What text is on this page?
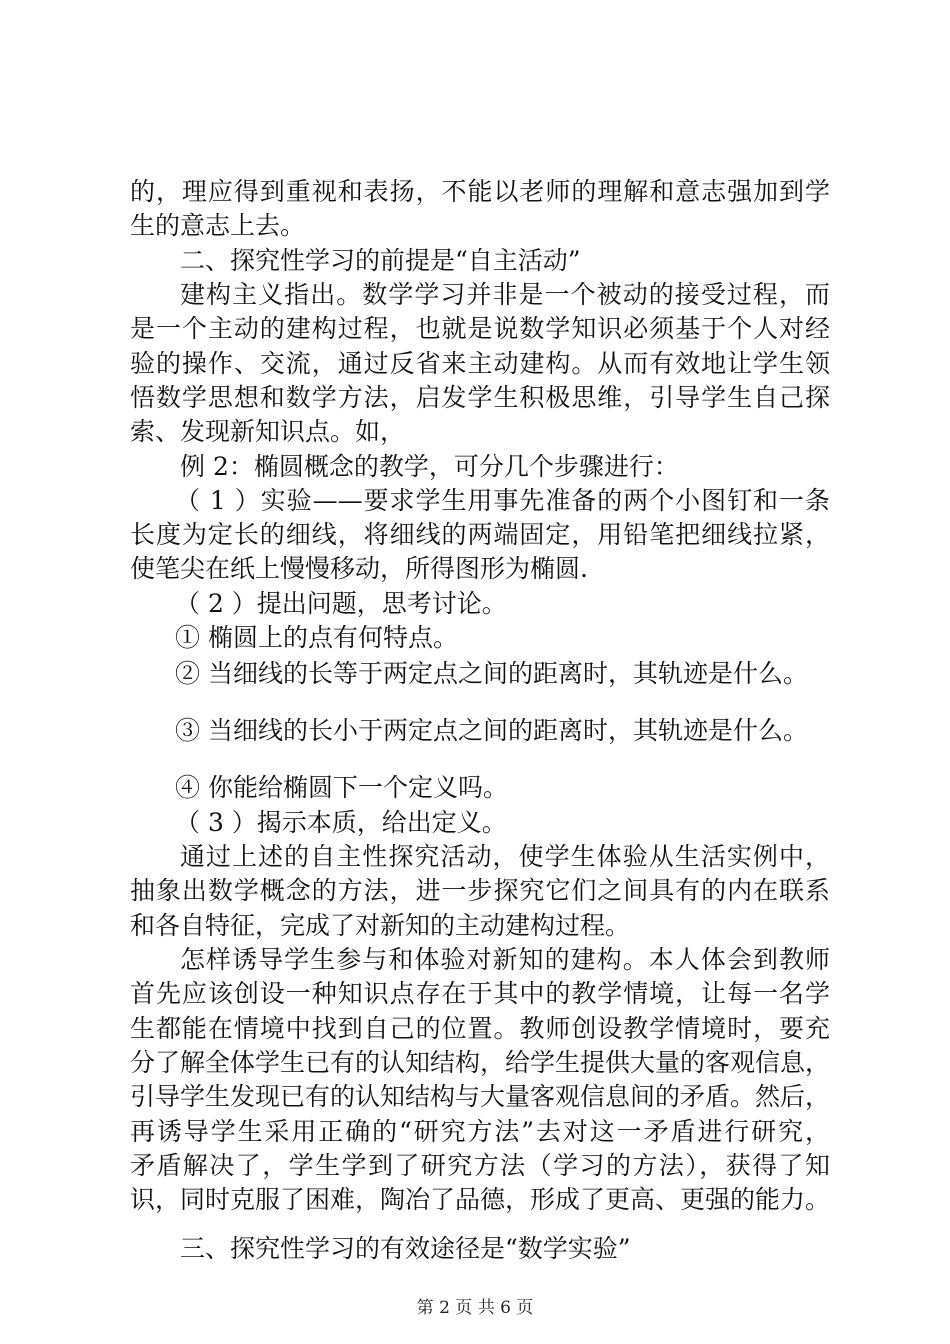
的，理应得到重视和表扬，不能以老师的理解和意志强加到学
生的意志上去。
二、探究性学习的前提是“自主活动”
建构主义指出。数学学习并非是一个被动的接受过程，而
是一个主动的建构过程，也就是说数学知识必须基于个人对经
验的操作、交流，通过反省来主动建构。从而有效地让学生领
悟数学思想和数学方法，启发学生积极思维，引导学生自己探
索、发现新知识点。如，
例 2：椭圆概念的教学，可分几个步骤进行：
（ 1 ）实验——要求学生用事先准备的两个小图钉和一条
长度为定长的细线，将细线的两端固定，用铅笔把细线拉紧，
使笔尖在纸上慢慢移动，所得图形为椭圆.
（ 2 ）提出问题，思考讨论。
① 椭圆上的点有何特点。
② 当细线的长等于两定点之间的距离时，其轨迹是什么。
③ 当细线的长小于两定点之间的距离时，其轨迹是什么。
④ 你能给椭圆下一个定义吗。
（ 3 ）揭示本质，给出定义。
通过上述的自主性探究活动，使学生体验从生活实例中，
抽象出数学概念的方法，进一步探究它们之间具有的内在联系
和各自特征，完成了对新知的主动建构过程。
怎样诱导学生参与和体验对新知的建构。本人体会到教师
首先应该创设一种知识点存在于其中的教学情境，让每一名学
生都能在情境中找到自己的位置。教师创设教学情境时，要充
分了解全体学生已有的认知结构，给学生提供大量的客观信息，
引导学生发现已有的认知结构与大量客观信息间的矛盾。然后，
再诱导学生采用正确的“研究方法”去对这一矛盾进行研究，
矛盾解决了，学生学到了研究方法（学习的方法），获得了知
识，同时克服了困难，陶冶了品德，形成了更高、更强的能力。
三、探究性学习的有效途径是“数学实验”
第 2 页 共 6 页
